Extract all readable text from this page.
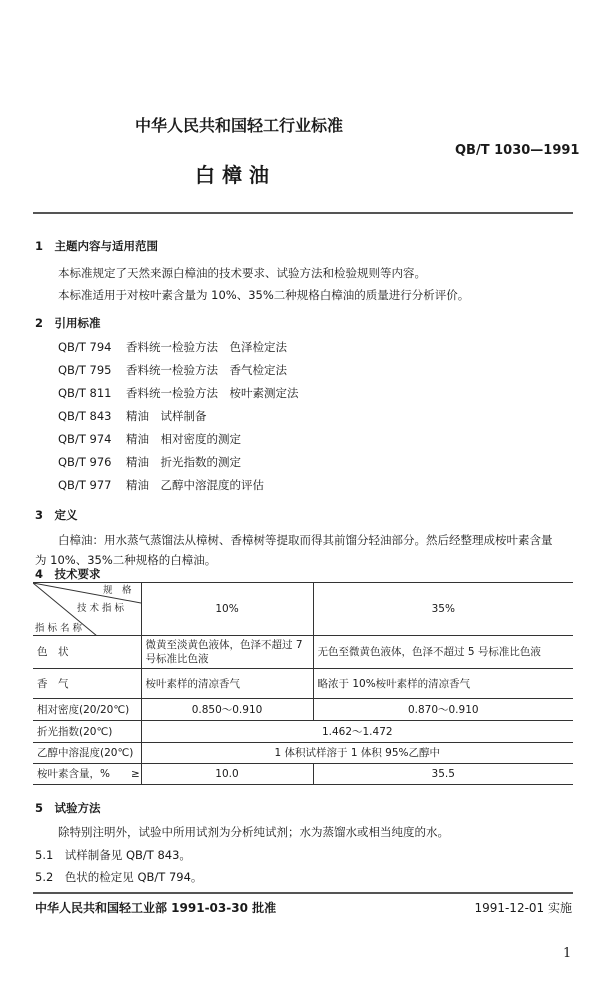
中华人民共和国轻工行业标准
QB/T 1030—1991
白 樟 油
1　主题内容与适用范围
本标准规定了天然来源白樟油的技术要求、试验方法和检验规则等内容。
本标准适用于对桉叶素含量为 10%、35%二种规格白樟油的质量进行分析评价。
2　引用标准
QB/T 794 香料统一检验方法　色泽检定法
QB/T 795 香料统一检验方法　香气检定法
QB/T 811 香料统一检验方法　桉叶素测定法
QB/T 843 精油　试样制备
QB/T 974 精油　相对密度的测定
QB/T 976 精油　折光指数的测定
QB/T 977 精油　乙醇中溶混度的评估
3　定义
白樟油：用水蒸气蒸馏法从樟树、香樟树等提取而得其前馏分轻油部分。然后经整理成桉叶素含量
为 10%、35%二种规格的白樟油。
4　技术要求
规　格
技 术 指 标
指 标 名 称	10%	35%
色　状	微黄至淡黄色液体，色泽不超过 7 号标准比色液	无色至微黄色液体，色泽不超过 5 号标准比色液
香　气	桉叶素样的清凉香气	略浓于 10%桉叶素样的清凉香气
相对密度(20/20℃)	0.850～0.910	0.870～0.910
折光指数(20℃)	1.462～1.472	
乙醇中溶混度(20℃)	1 体积试样溶于 1 体积 95%乙醇中	
桉叶素含量，%　　≥	10.0	35.5
5　试验方法
除特别注明外，试验中所用试剂为分析纯试剂；水为蒸馏水或相当纯度的水。
5.1　试样制备见 QB/T 843。
5.2　色状的检定见 QB/T 794。
中华人民共和国轻工业部 1991-03-30 批准	1991-12-01 实施
1
